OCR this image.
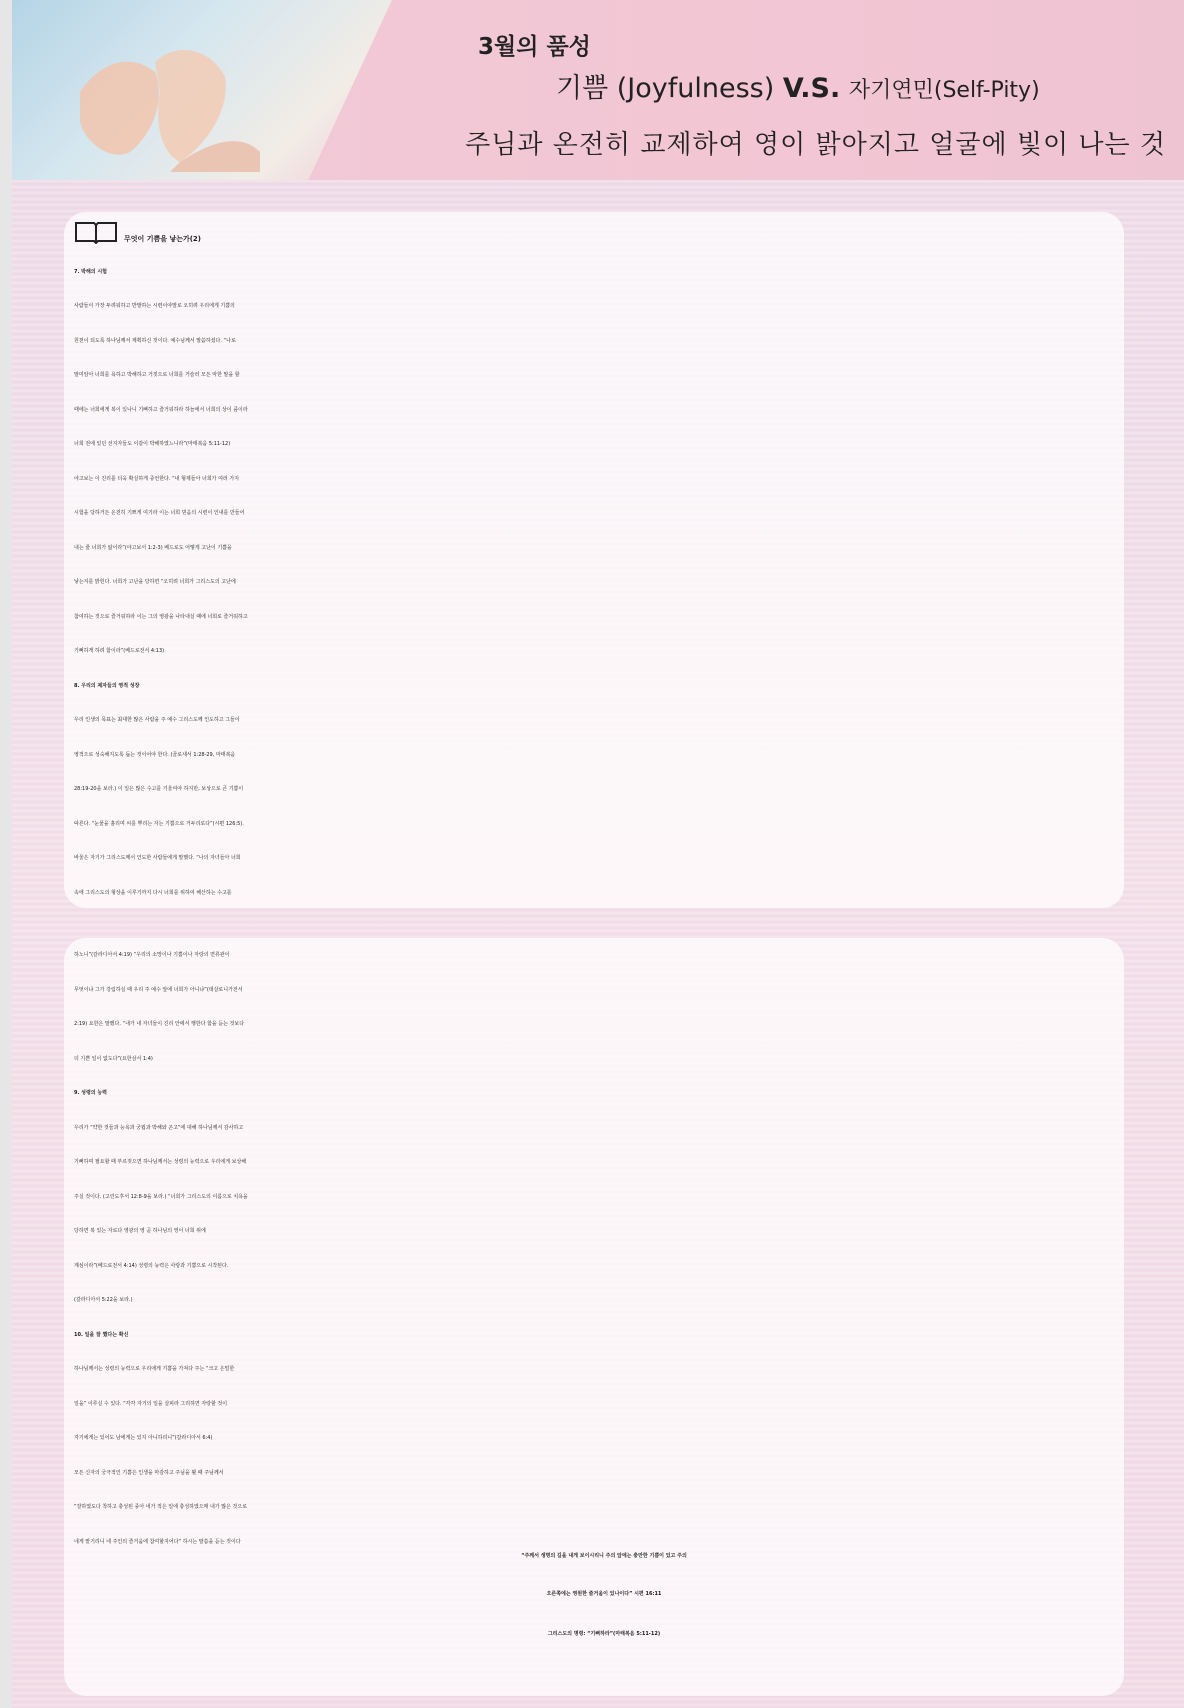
3월의 품성
기쁨 (Joyfulness) V.S. 자기연민(Self-Pity)
주님과 온전히 교제하여 영이 밝아지고 얼굴에 빛이 나는 것
무엇이 기쁨을 낳는가(2)
7. 박해의 시험
사람들이 가장 두려워하고 반발하는 시련이야말로 오히려 우리에게 기쁨의
원천이 되도록 하나님께서 계획하신 것이다. 예수님께서 말씀하셨다. “나로
말미암아 너희를 욕하고 박해하고 거짓으로 너희를 거슬러 모든 악한 말을 할
때에는 너희에게 복이 있나니 기뻐하고 즐거워하라 하늘에서 너희의 상이 큼이라
너희 전에 있던 선지자들도 이같이 박해하였느니라”(마태복음 5:11-12)
야고보는 이 진리를 더욱 확실하게 증언한다. “내 형제들아 너희가 여러 가지
시험을 당하거든 온전히 기쁘게 여기라 이는 너희 믿음의 시련이 인내를 만들어
내는 줄 너희가 앎이라”(야고보서 1:2-3) 베드로도 어떻게 고난이 기쁨을
낳는지를 밝힌다. 너희가 고난을 당하면 “오히려 너희가 그리스도의 고난에
참여하는 것으로 즐거워하라 이는 그의 영광을 나타내실 때에 너희로 즐거워하고
기뻐하게 하려 함이라”(베드로전서 4:13)
8. 우리의 제자들의 영적 성장
우리 인생의 목표는 최대한 많은 사람을 주 예수 그리스도께 인도하고 그들이
영적으로 성숙해지도록 돕는 것이어야 한다. (골로새서 1:28-29, 마태복음
28:19-20을 보라.) 이 일은 많은 수고를 기울여야 하지만, 보상으로 큰 기쁨이
따른다. “눈물을 흘리며 씨를 뿌리는 자는 기쁨으로 거두리로다”(시편 126:5).
바울은 자기가 그리스도께서 인도한 사람들에게 말했다. “나의 자녀들아 너희
속에 그리스도의 형상을 이루기까지 다시 너희를 위하여 해산하는 수고를
하노니”(갈라디아서 4:19) “우리의 소망이나 기쁨이나 자랑의 면류관이
무엇이냐 그가 강림하실 때 우리 주 예수 앞에 너희가 아니냐”(데살로니가전서
2:19) 요한은 말했다. “내가 내 자녀들이 진리 안에서 행한다 함을 듣는 것보다
더 기쁜 일이 없도다”(요한삼서 1:4)
9. 성령의 능력
우리가 “약한 것들과 능욕과 궁핍과 박해와 곤고”에 대해 하나님께서 감사하고
기뻐하며 필요할 때 부르짖으면 하나님께서는 성령의 능력으로 우리에게 보상해
주실 것이다. (고린도후서 12:8-9을 보라.) “너희가 그리스도의 이름으로 치욕을
당하면 복 있는 자로다 영광의 영 곧 하나님의 영이 너희 위에
계심이라”(베드로전서 4:14) 성령의 능력은 사랑과 기쁨으로 시작된다.
(갈라디아서 5:22을 보라.)
10. 일을 잘 했다는 확신
하나님께서는 성령의 능력으로 우리에게 기쁨을 가져다 주는 “크고 은밀한
일을” 이루실 수 있다. “각각 자기의 일을 살피라 그리하면 자랑할 것이
자기에게는 있어도 남에게는 있지 아니하리니”(갈라디아서 6:4)
모든 신자의 궁극적인 기쁨은 인생을 마감하고 주님을 뵐 때 주님께서
“잘하였도다 착하고 충성된 종아 네가 적은 일에 충성하였으매 내가 많은 것으로
네게 맡기리니 네 주인의 즐거움에 참여할지어다” 하시는 말씀을 듣는 것이다
“주께서 생명의 길을 내게 보이시리니 주의 앞에는 충만한 기쁨이 있고 주의
오른쪽에는 영원한 즐거움이 있나이다” 시편 16:11
그리스도의 명령: “기뻐하라”(마태복음 5:11-12)
